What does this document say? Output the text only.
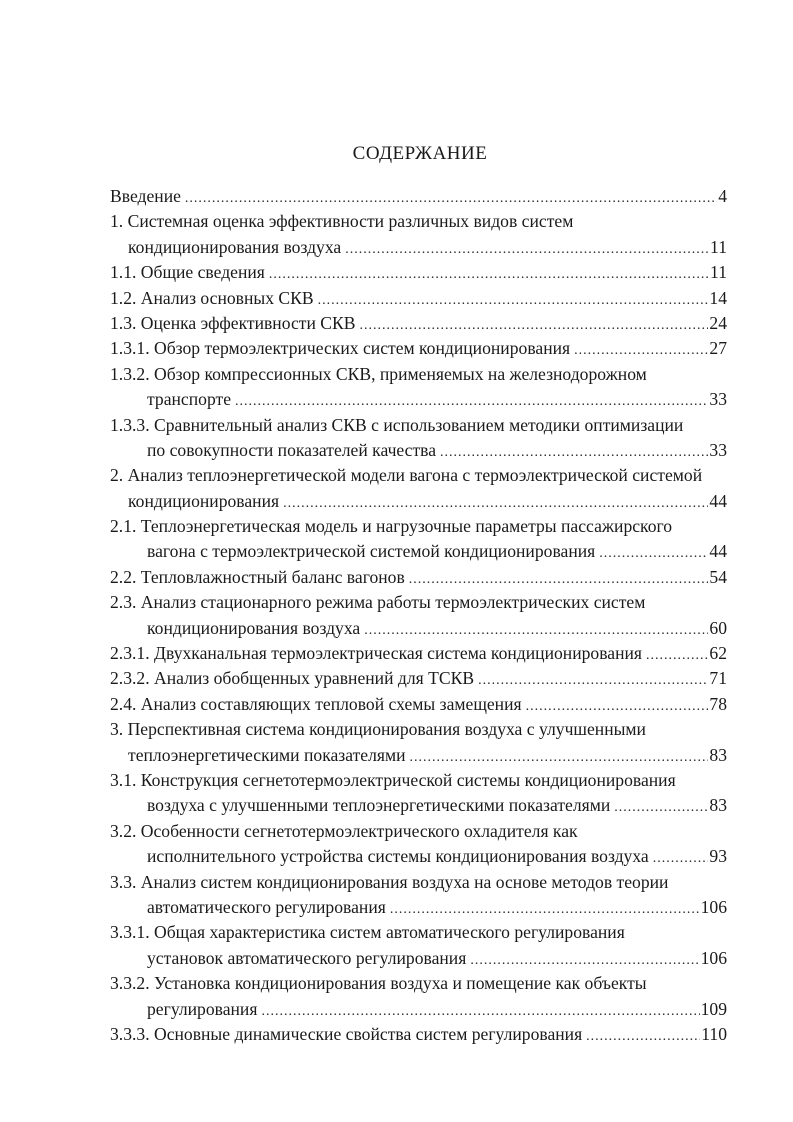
СОДЕРЖАНИЕ
Введение .....	4
1. Системная оценка эффективности различных видов систем
кондиционирования воздуха .....	11
1.1. Общие сведения .....	11
1.2. Анализ основных СКВ .....	14
1.3. Оценка эффективности СКВ .....	24
1.3.1. Обзор термоэлектрических систем кондиционирования .....	27
1.3.2. Обзор компрессионных СКВ, применяемых на железнодорожном
транспорте .....	33
1.3.3. Сравнительный анализ СКВ с использованием методики оптимизации
по совокупности показателей качества .....	33
2. Анализ теплоэнергетической модели вагона с термоэлектрической системой
кондиционирования .....	44
2.1. Теплоэнергетическая модель и нагрузочные параметры пассажирского
вагона с термоэлектрической системой кондиционирования .....	44
2.2. Тепловлажностный баланс вагонов .....	54
2.3. Анализ стационарного режима работы термоэлектрических систем
кондиционирования воздуха .....	60
2.3.1. Двухканальная термоэлектрическая система кондиционирования .....	62
2.3.2. Анализ обобщенных уравнений для ТСКВ .....	71
2.4. Анализ составляющих тепловой схемы замещения .....	78
3. Перспективная система кондиционирования воздуха с улучшенными
теплоэнергетическими показателями .....	83
3.1. Конструкция сегнетотермоэлектрической системы кондиционирования
воздуха с улучшенными теплоэнергетическими показателями .....	83
3.2. Особенности сегнетотермоэлектрического охладителя как
исполнительного устройства системы кондиционирования воздуха .....	93
3.3. Анализ систем кондиционирования воздуха на основе методов теории
автоматического регулирования .....	106
3.3.1. Общая характеристика систем автоматического регулирования
установок автоматического регулирования .....	106
3.3.2. Установка кондиционирования воздуха и помещение как объекты
регулирования .....	109
3.3.3. Основные динамические свойства систем регулирования .....	110
